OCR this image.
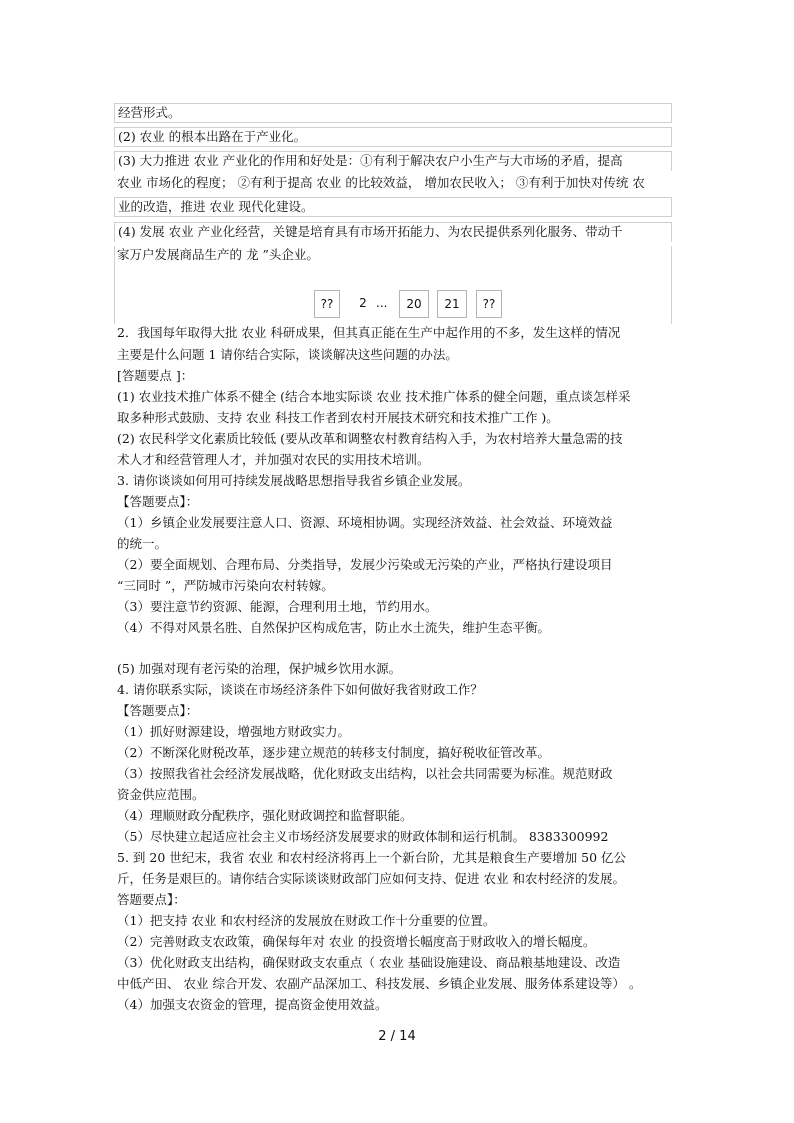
经营形式。
(2) 农业 的根本出路在于产业化。
(3) 大力推进 农业 产业化的作用和好处是：①有利于解决农户小生产与大市场的矛盾，提高
农业 市场化的程度； ②有利于提高 农业 的比较效益， 增加农民收入； ③有利于加快对传统 农
业的改造，推进 农业 现代化建设。
(4) 发展 农业 产业化经营，关键是培育具有市场开拓能力、为农民提供系列化服务、带动千
家万户发展商品生产的 龙 ”头企业。
??	2 ...	20	21	??
2．我国每年取得大批 农业 科研成果，但其真正能在生产中起作用的不多，发生这样的情况
主要是什么问题 1 请你结合实际，谈谈解决这些问题的办法。
[答题要点 ]：
(1) 农业技术推广体系不健全 (结合本地实际谈 农业 技术推广体系的健全问题，重点谈怎样采
取多种形式鼓励、支持 农业 科技工作者到农村开展技术研究和技术推广工作 )。
(2) 农民科学文化素质比较低 (要从改革和调整农村教育结构入手，为农村培养大量急需的技
术人才和经营管理人才，并加强对农民的实用技术培训。
3. 请你谈谈如何用可持续发展战略思想指导我省乡镇企业发展。
【答题要点】：
（1）乡镇企业发展要注意人口、资源、环境相协调。实现经济效益、社会效益、环境效益
的统一。
（2）要全面规划、合理布局、分类指导，发展少污染或无污染的产业，严格执行建设项目
“三同时 ”，严防城市污染向农村转嫁。
（3）要注意节约资源、能源，合理利用土地，节约用水。
（4）不得对风景名胜、自然保护区构成危害，防止水土流失，维护生态平衡。
(5) 加强对现有老污染的治理，保护城乡饮用水源。
4. 请你联系实际，谈谈在市场经济条件下如何做好我省财政工作？
【答题要点】：
（1）抓好财源建设，增强地方财政实力。
（2）不断深化财税改革，逐步建立规范的转移支付制度，搞好税收征管改革。
（3）按照我省社会经济发展战略，优化财政支出结构，以社会共同需要为标准。规范财政
资金供应范围。
（4）理顺财政分配秩序，强化财政调控和监督职能。
（5）尽快建立起适应社会主义市场经济发展要求的财政体制和运行机制。 8383300992
5. 到 20 世纪末，我省 农业 和农村经济将再上一个新台阶，尤其是粮食生产要增加 50 亿公
斤，任务是艰巨的。请你结合实际谈谈财政部门应如何支持、促进 农业 和农村经济的发展。
答题要点】：
（1）把支持 农业 和农村经济的发展放在财政工作十分重要的位置。
（2）完善财政支农政策，确保每年对 农业 的投资增长幅度高于财政收入的增长幅度。
（3）优化财政支出结构，确保财政支农重点（ 农业 基础设施建设、商品粮基地建设、改造
中低产田、 农业 综合开发、农副产品深加工、科技发展、乡镇企业发展、服务体系建设等） 。
（4）加强支农资金的管理，提高资金使用效益。
2 / 14
